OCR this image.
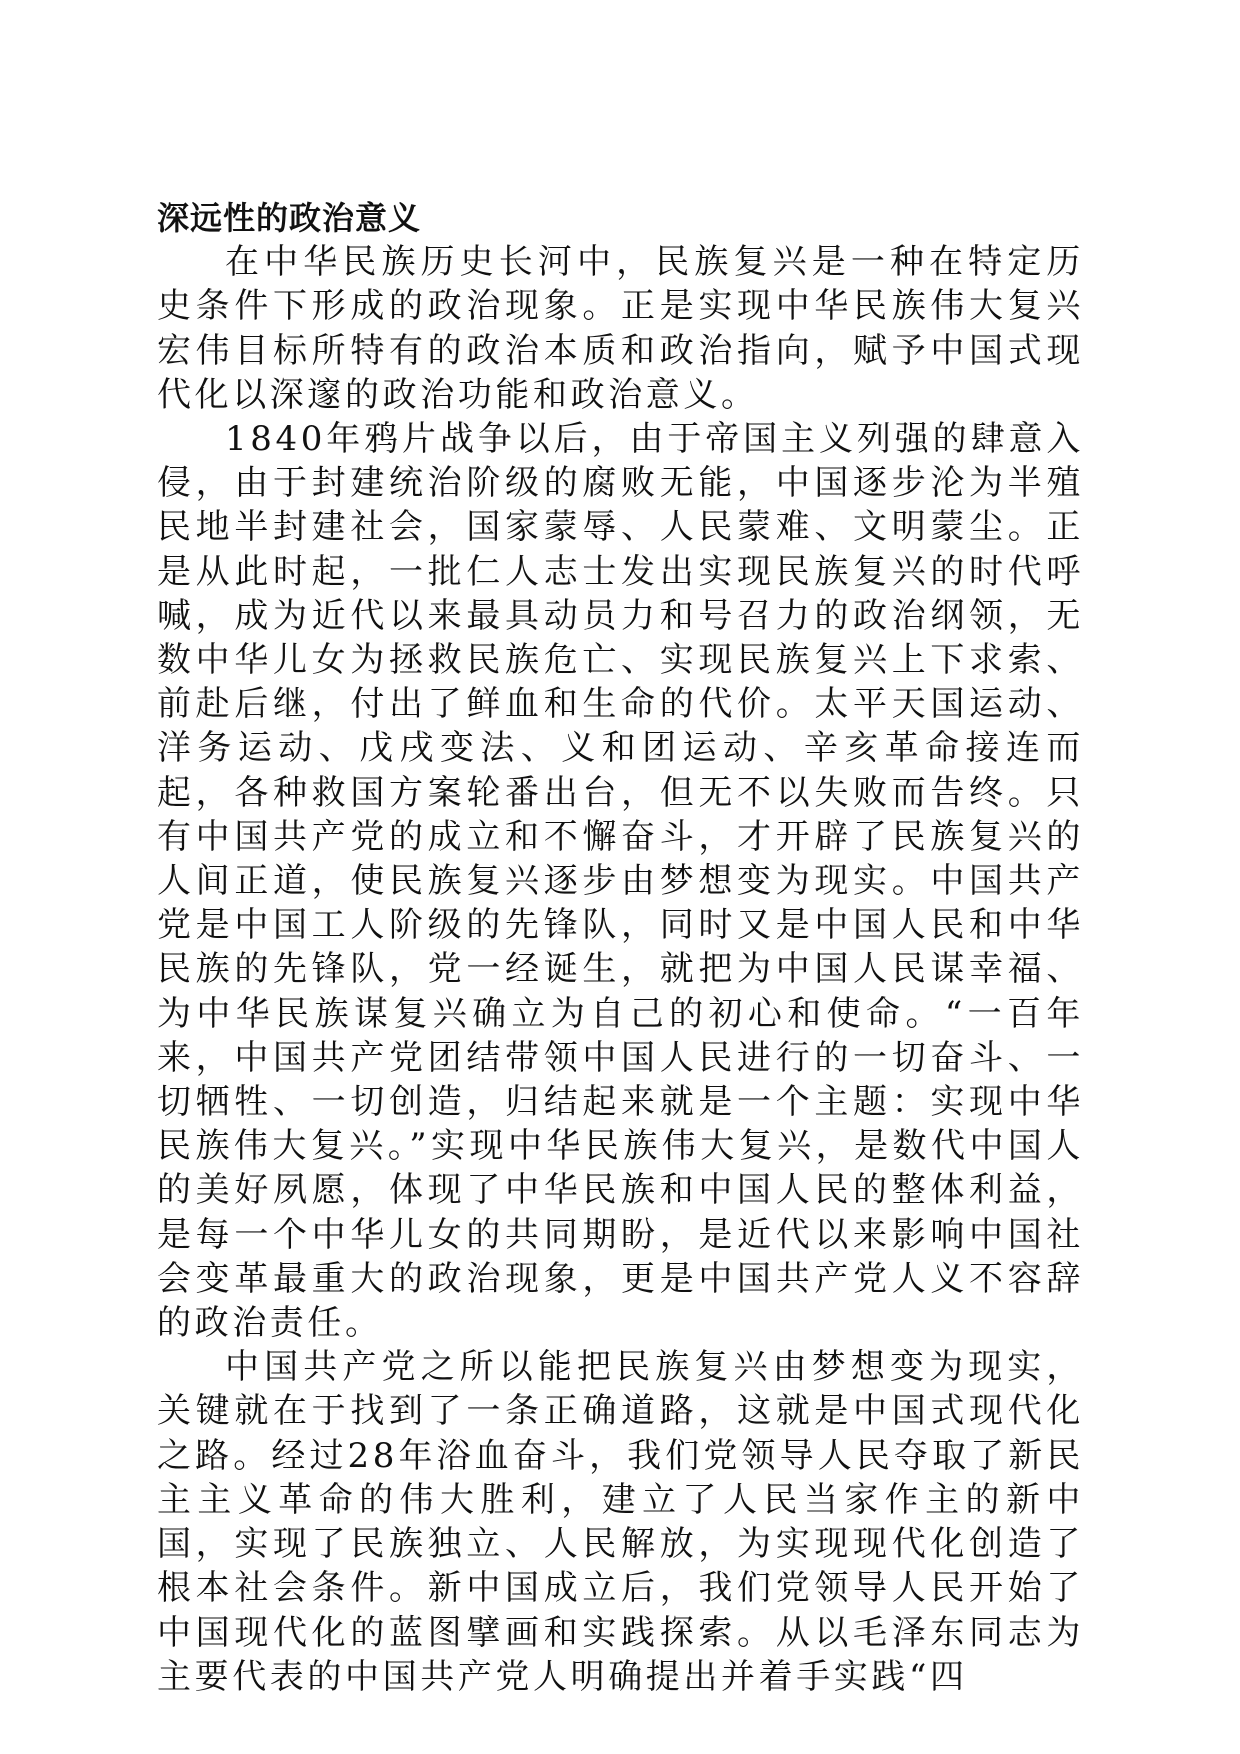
深远性的政治意义

在中华民族历史长河中，民族复兴是一种在特定历史条件下形成的政治现象。正是实现中华民族伟大复兴宏伟目标所特有的政治本质和政治指向，赋予中国式现代化以深邃的政治功能和政治意义。

1840年鸦片战争以后，由于帝国主义列强的肆意入侵，由于封建统治阶级的腐败无能，中国逐步沦为半殖民地半封建社会，国家蒙辱、人民蒙难、文明蒙尘。正是从此时起，一批仁人志士发出实现民族复兴的时代呼喊，成为近代以来最具动员力和号召力的政治纲领，无数中华儿女为拯救民族危亡、实现民族复兴上下求索、前赴后继，付出了鲜血和生命的代价。太平天国运动、洋务运动、戊戌变法、义和团运动、辛亥革命接连而起，各种救国方案轮番出台，但无不以失败而告终。只有中国共产党的成立和不懈奋斗，才开辟了民族复兴的人间正道，使民族复兴逐步由梦想变为现实。中国共产党是中国工人阶级的先锋队，同时又是中国人民和中华民族的先锋队，党一经诞生，就把为中国人民谋幸福、为中华民族谋复兴确立为自己的初心和使命。“一百年来，中国共产党团结带领中国人民进行的一切奋斗、一切牺牲、一切创造，归结起来就是一个主题：实现中华民族伟大复兴。”实现中华民族伟大复兴，是数代中国人的美好夙愿，体现了中华民族和中国人民的整体利益，是每一个中华儿女的共同期盼，是近代以来影响中国社会变革最重大的政治现象，更是中国共产党人义不容辞的政治责任。

中国共产党之所以能把民族复兴由梦想变为现实，关键就在于找到了一条正确道路，这就是中国式现代化之路。经过28年浴血奋斗，我们党领导人民夺取了新民主主义革命的伟大胜利，建立了人民当家作主的新中国，实现了民族独立、人民解放，为实现现代化创造了根本社会条件。新中国成立后，我们党领导人民开始了中国现代化的蓝图擘画和实践探索。从以毛泽东同志为主要代表的中国共产党人明确提出并着手实践“四
